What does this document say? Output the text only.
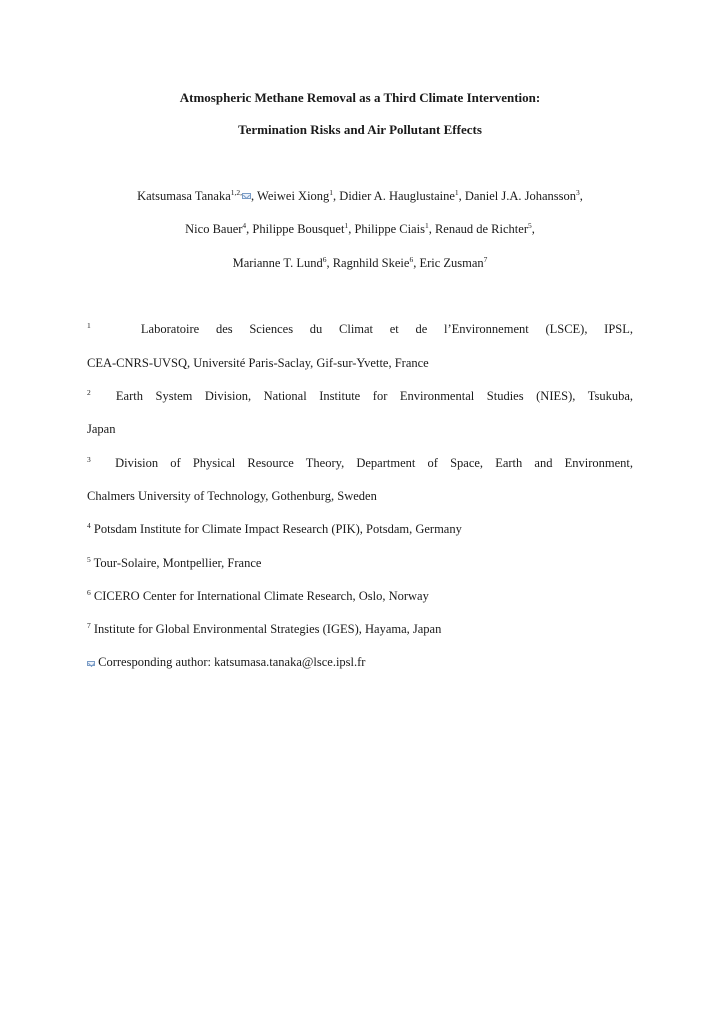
Atmospheric Methane Removal as a Third Climate Intervention:
Termination Risks and Air Pollutant Effects
Katsumasa Tanaka$^{1,2,}$ , Weiwei Xiong$^1$, Didier A. Hauglustaine$^1$, Daniel J.A. Johansson$^3$,
Nico Bauer$^4$, Philippe Bousquet$^1$, Philippe Ciais$^1$, Renaud de Richter$^5$,
Marianne T. Lund$^6$, Ragnhild Skeie$^6$, Eric Zusman$^7$
$^1$	Laboratoire des Sciences du Climat et de l’Environnement (LSCE), IPSL,
CEA-CNRS-UVSQ, Université Paris-Saclay, Gif-sur-Yvette, France
$^2$ Earth System Division, National Institute for Environmental Studies (NIES), Tsukuba,
Japan
$^3$ Division of Physical Resource Theory, Department of Space, Earth and Environment,
Chalmers University of Technology, Gothenburg, Sweden
$^4$ Potsdam Institute for Climate Impact Research (PIK), Potsdam, Germany
$^5$ Tour-Solaire, Montpellier, France
$^6$ CICERO Center for International Climate Research, Oslo, Norway
$^7$ Institute for Global Environmental Strategies (IGES), Hayama, Japan
Corresponding author: katsumasa.tanaka@lsce.ipsl.fr
